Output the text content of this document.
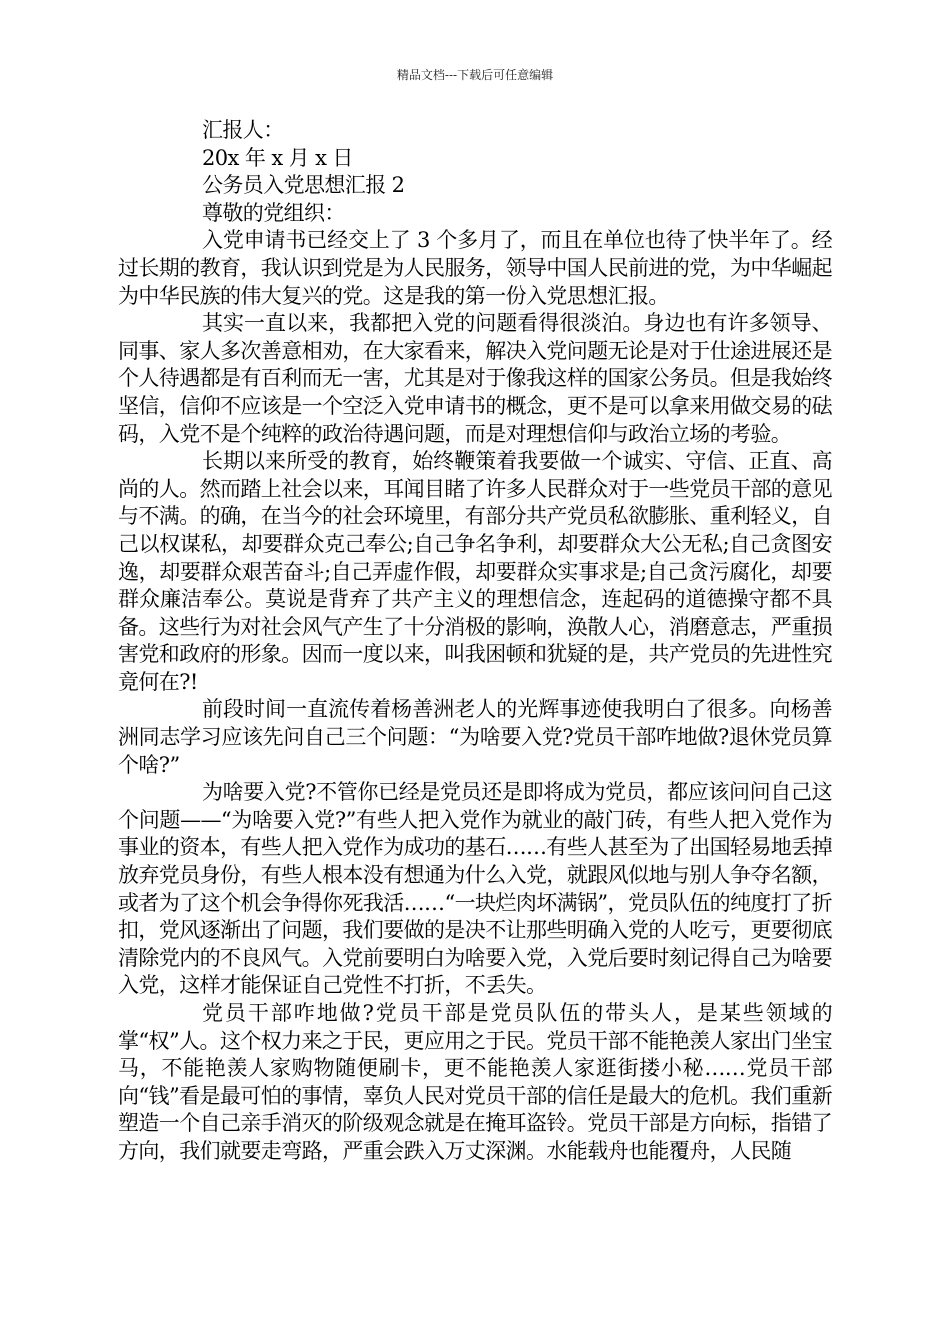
精品文档---下载后可任意编辑

汇报人：

20x 年 x 月 x 日

公务员入党思想汇报 2

尊敬的党组织：

入党申请书已经交上了 3 个多月了，而且在单位也待了快半年了。经过长期的教育，我认识到党是为人民服务，领导中国人民前进的党，为中华崛起为中华民族的伟大复兴的党。这是我的第一份入党思想汇报。

其实一直以来，我都把入党的问题看得很淡泊。身边也有许多领导、同事、家人多次善意相劝，在大家看来，解决入党问题无论是对于仕途进展还是个人待遇都是有百利而无一害，尤其是对于像我这样的国家公务员。但是我始终坚信，信仰不应该是一个空泛入党申请书的概念，更不是可以拿来用做交易的砝码，入党不是个纯粹的政治待遇问题，而是对理想信仰与政治立场的考验。

长期以来所受的教育，始终鞭策着我要做一个诚实、守信、正直、高尚的人。然而踏上社会以来，耳闻目睹了许多人民群众对于一些党员干部的意见与不满。的确，在当今的社会环境里，有部分共产党员私欲膨胀、重利轻义，自己以权谋私，却要群众克己奉公;自己争名争利，却要群众大公无私;自己贪图安逸，却要群众艰苦奋斗;自己弄虚作假，却要群众实事求是;自己贪污腐化，却要群众廉洁奉公。莫说是背弃了共产主义的理想信念，连起码的道德操守都不具备。这些行为对社会风气产生了十分消极的影响，涣散人心，消磨意志，严重损害党和政府的形象。因而一度以来，叫我困顿和犹疑的是，共产党员的先进性究竟何在?!

前段时间一直流传着杨善洲老人的光辉事迹使我明白了很多。向杨善洲同志学习应该先问自己三个问题：“为啥要入党?党员干部咋地做?退休党员算个啥?”

为啥要入党?不管你已经是党员还是即将成为党员，都应该问问自己这个问题——“为啥要入党?”有些人把入党作为就业的敲门砖，有些人把入党作为事业的资本，有些人把入党作为成功的基石……有些人甚至为了出国轻易地丢掉放弃党员身份，有些人根本没有想通为什么入党，就跟风似地与别人争夺名额，或者为了这个机会争得你死我活……“一块烂肉坏满锅”，党员队伍的纯度打了折扣，党风逐渐出了问题，我们要做的是决不让那些明确入党的人吃亏，更要彻底清除党内的不良风气。入党前要明白为啥要入党，入党后要时刻记得自己为啥要入党，这样才能保证自己党性不打折，不丢失。

党员干部咋地做?党员干部是党员队伍的带头人，是某些领域的掌“权”人。这个权力来之于民，更应用之于民。党员干部不能艳羡人家出门坐宝马，不能艳羡人家购物随便刷卡，更不能艳羡人家逛街搂小秘……党员干部向“钱”看是最可怕的事情，辜负人民对党员干部的信任是最大的危机。我们重新塑造一个自己亲手消灭的阶级观念就是在掩耳盗铃。党员干部是方向标，指错了方向，我们就要走弯路，严重会跌入万丈深渊。水能载舟也能覆舟，人民随
